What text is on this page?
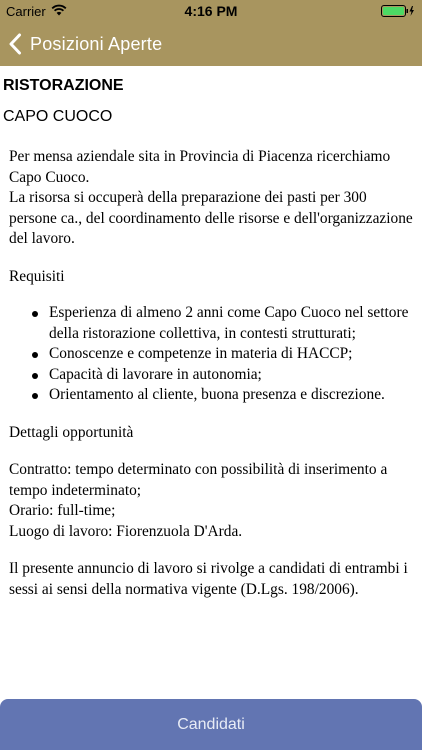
Carrier	4:16 PM
Posizioni Aperte
RISTORAZIONE
CAPO CUOCO

Per mensa aziendale sita in Provincia di Piacenza ricerchiamo Capo Cuoco.

La risorsa si occuperà della preparazione dei pasti per 300 persone ca., del coordinamento delle risorse e dell'organizzazione del lavoro.

Requisiti

Esperienza di almeno 2 anni come Capo Cuoco nel settore della ristorazione collettiva, in contesti strutturati;
Conoscenze e competenze in materia di HACCP;
Capacità di lavorare in autonomia;
Orientamento al cliente, buona presenza e discrezione.

Dettagli opportunità

Contratto: tempo determinato con possibilità di inserimento a tempo indeterminato;

Orario: full-time;

Luogo di lavoro: Fiorenzuola D'Arda.

Il presente annuncio di lavoro si rivolge a candidati di entrambi i sessi ai sensi della normativa vigente (D.Lgs. 198/2006).

Candidati
